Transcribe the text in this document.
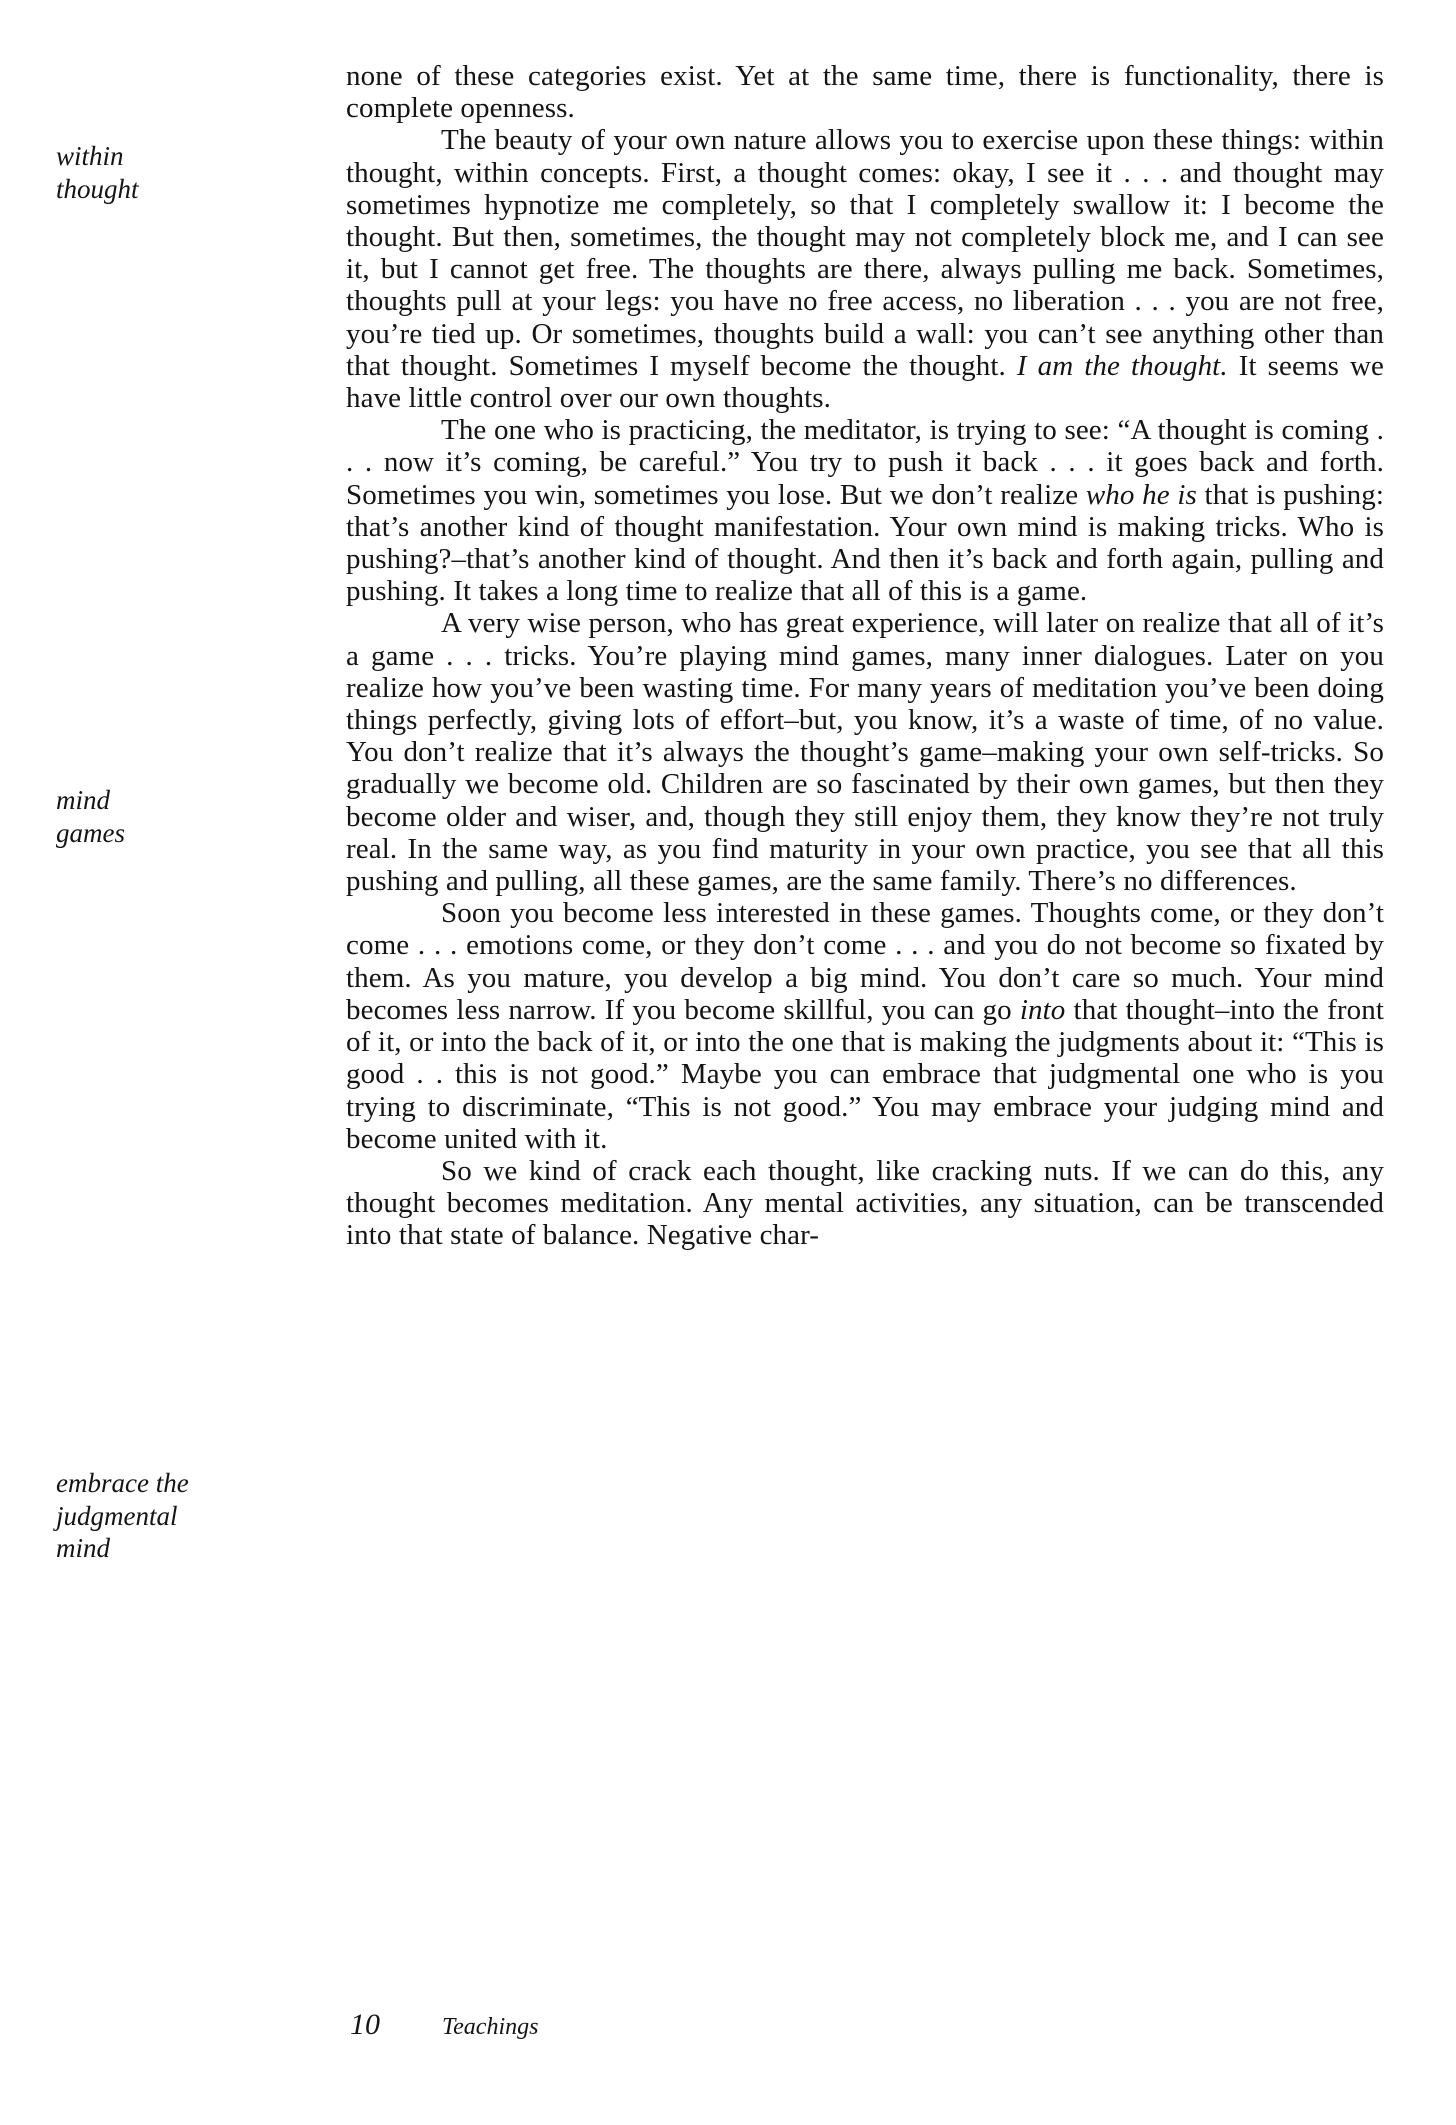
within
thought
mind
games
embrace the
judgmental
mind

none of these categories exist. Yet at the same time, there is functionality, there is complete openness.

The beauty of your own nature allows you to exercise upon these things: within thought, within concepts. First, a thought comes: okay, I see it . . . and thought may sometimes hypnotize me completely, so that I completely swallow it: I become the thought. But then, sometimes, the thought may not completely block me, and I can see it, but I cannot get free. The thoughts are there, always pulling me back. Sometimes, thoughts pull at your legs: you have no free access, no liberation . . . you are not free, you’re tied up. Or sometimes, thoughts build a wall: you can’t see anything other than that thought. Sometimes I myself become the thought. I am the thought. It seems we have little control over our own thoughts.

The one who is practicing, the meditator, is trying to see: “A thought is coming . . . now it’s coming, be careful.” You try to push it back . . . it goes back and forth. Sometimes you win, sometimes you lose. But we don’t realize who he is that is pushing: that’s another kind of thought manifestation. Your own mind is making tricks. Who is pushing?–that’s another kind of thought. And then it’s back and forth again, pulling and pushing. It takes a long time to realize that all of this is a game.

A very wise person, who has great experience, will later on realize that all of it’s a game . . . tricks. You’re playing mind games, many inner dialogues. Later on you realize how you’ve been wasting time. For many years of meditation you’ve been doing things perfectly, giving lots of effort–but, you know, it’s a waste of time, of no value. You don’t realize that it’s always the thought’s game–making your own self-tricks. So gradually we become old. Children are so fascinated by their own games, but then they become older and wiser, and, though they still enjoy them, they know they’re not truly real. In the same way, as you find maturity in your own practice, you see that all this pushing and pulling, all these games, are the same family. There’s no differences.

Soon you become less interested in these games. Thoughts come, or they don’t come . . . emotions come, or they don’t come . . . and you do not become so fixated by them. As you mature, you develop a big mind. You don’t care so much. Your mind becomes less narrow. If you become skillful, you can go into that thought–into the front of it, or into the back of it, or into the one that is making the judgments about it: “This is good . . this is not good.” Maybe you can embrace that judgmental one who is you trying to discriminate, “This is not good.” You may embrace your judging mind and become united with it.

So we kind of crack each thought, like cracking nuts. If we can do this, any thought becomes meditation. Any mental activities, any situation, can be transcended into that state of balance. Negative char-

10	Teachings
